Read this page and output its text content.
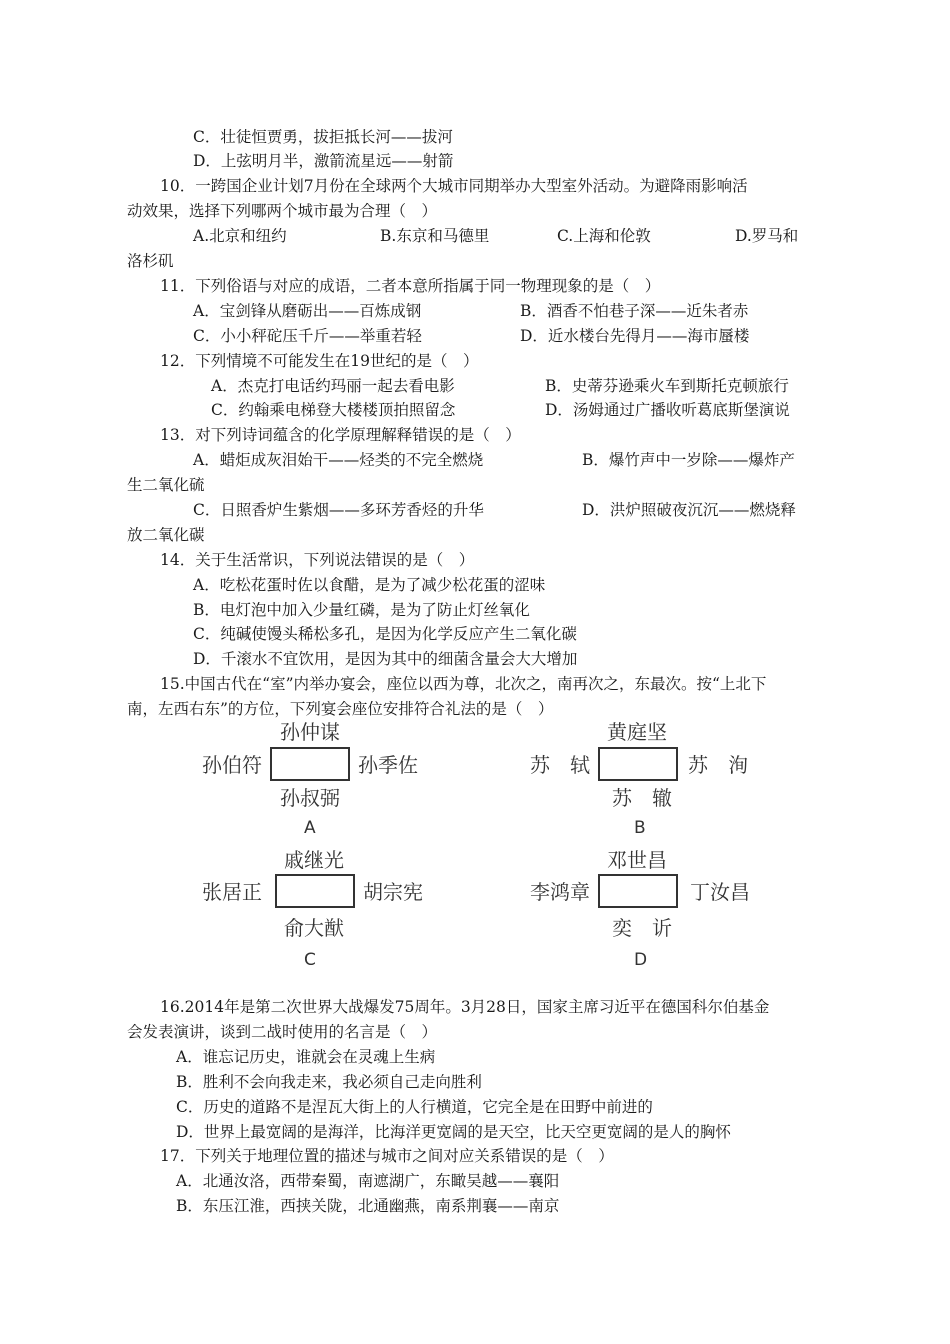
C．壮徒恒贾勇，拔拒抵长河——拔河
D．上弦明月半，激箭流星远——射箭
10．一跨国企业计划7月份在全球两个大城市同期举办大型室外活动。为避降雨影响活
动效果，选择下列哪两个城市最为合理（　）
A.北京和纽约	B.东京和马德里	C.上海和伦敦	D.罗马和
洛杉矶
11．下列俗语与对应的成语，二者本意所指属于同一物理现象的是（　）
A．宝剑锋从磨砺出——百炼成钢	B．酒香不怕巷子深——近朱者赤
C．小小秤砣压千斤——举重若轻	D．近水楼台先得月——海市蜃楼
12．下列情境不可能发生在19世纪的是（　）
A．杰克打电话约玛丽一起去看电影	B．史蒂芬逊乘火车到斯托克顿旅行
C．约翰乘电梯登大楼楼顶拍照留念	D．汤姆通过广播收听葛底斯堡演说
13．对下列诗词蕴含的化学原理解释错误的是（　）
A．蜡炬成灰泪始干——烃类的不完全燃烧	B．爆竹声中一岁除——爆炸产
生二氧化硫
C．日照香炉生紫烟——多环芳香烃的升华	D．洪炉照破夜沉沉——燃烧释
放二氧化碳
14．关于生活常识，下列说法错误的是（　）
A．吃松花蛋时佐以食醋，是为了减少松花蛋的涩味
B．电灯泡中加入少量红磷，是为了防止灯丝氧化
C．纯碱使馒头稀松多孔，是因为化学反应产生二氧化碳
D．千滚水不宜饮用，是因为其中的细菌含量会大大增加
15.中国古代在“室”内举办宴会，座位以西为尊，北次之，南再次之，东最次。按“上北下
南，左西右东”的方位，下列宴会座位安排符合礼法的是（　）
孙仲谋
孙伯符	孙季佐
孙叔弼
A
黄庭坚
苏　轼	苏　洵
苏　辙
B
戚继光
张居正	胡宗宪
俞大猷
C
邓世昌
李鸿章	丁汝昌
奕　䜣
D
16.2014年是第二次世界大战爆发75周年。3月28日，国家主席习近平在德国科尔伯基金
会发表演讲，谈到二战时使用的名言是（　）
A．谁忘记历史，谁就会在灵魂上生病
B．胜利不会向我走来，我必须自己走向胜利
C．历史的道路不是涅瓦大街上的人行横道，它完全是在田野中前进的
D．世界上最宽阔的是海洋，比海洋更宽阔的是天空，比天空更宽阔的是人的胸怀
17．下列关于地理位置的描述与城市之间对应关系错误的是（　）
A．北通汝洛，西带秦蜀，南遮湖广，东瞰吴越——襄阳
B．东压江淮，西挟关陇，北通幽燕，南系荆襄——南京
